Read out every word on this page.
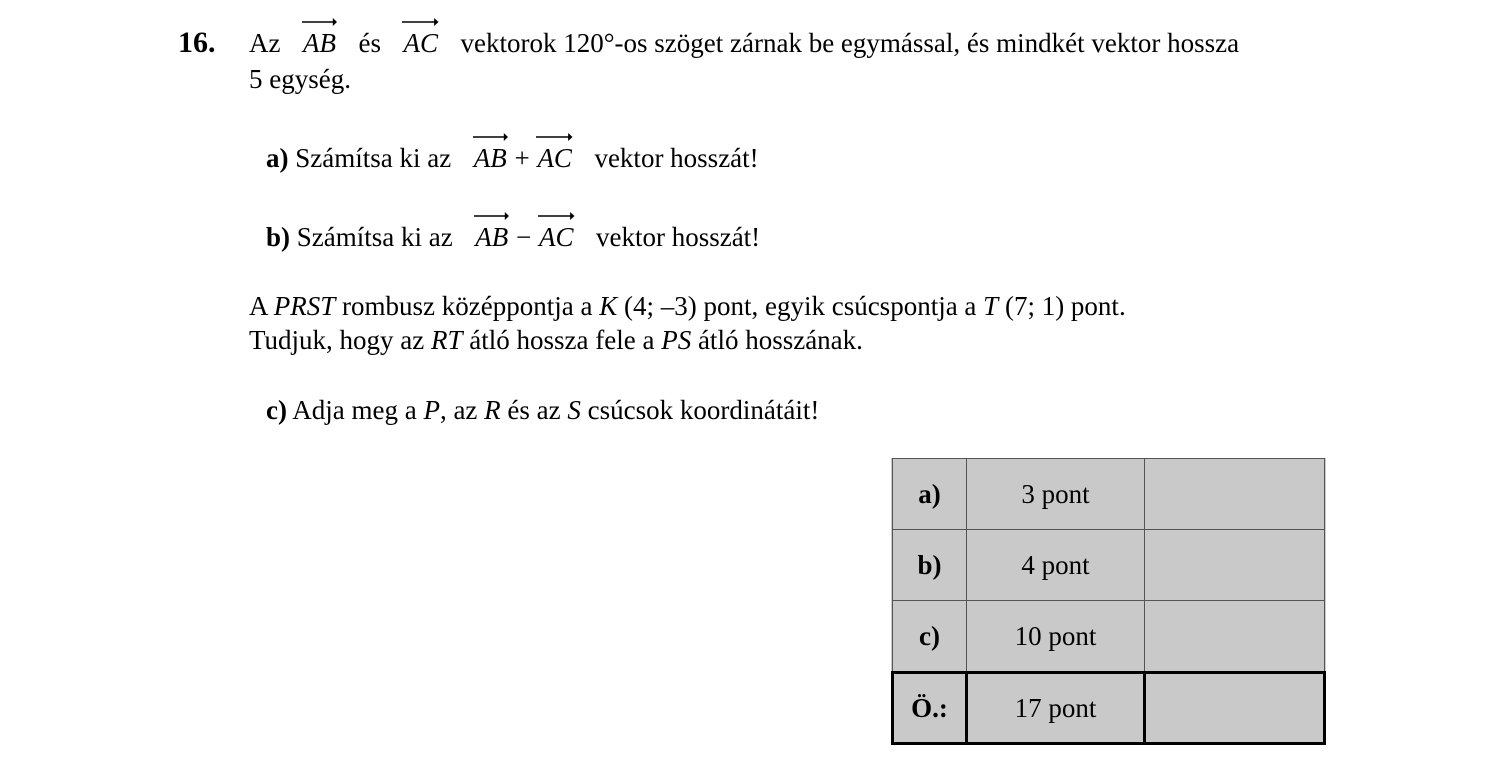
16. Az AB és AC vektorok 120°-os szöget zárnak be egymással, és mindkét vektor hossza
5 egység.
a) Számítsa ki az AB + AC vektor hosszát!
b) Számítsa ki az AB − AC vektor hosszát!
A PRST rombusz középpontja a K (4; –3) pont, egyik csúcspontja a T (7; 1) pont.
Tudjuk, hogy az RT átló hossza fele a PS átló hosszának.
c) Adja meg a P, az R és az S csúcsok koordinátáit!
a)	3 pont	
b)	4 pont	
c)	10 pont	
Ö.:	17 pont	
